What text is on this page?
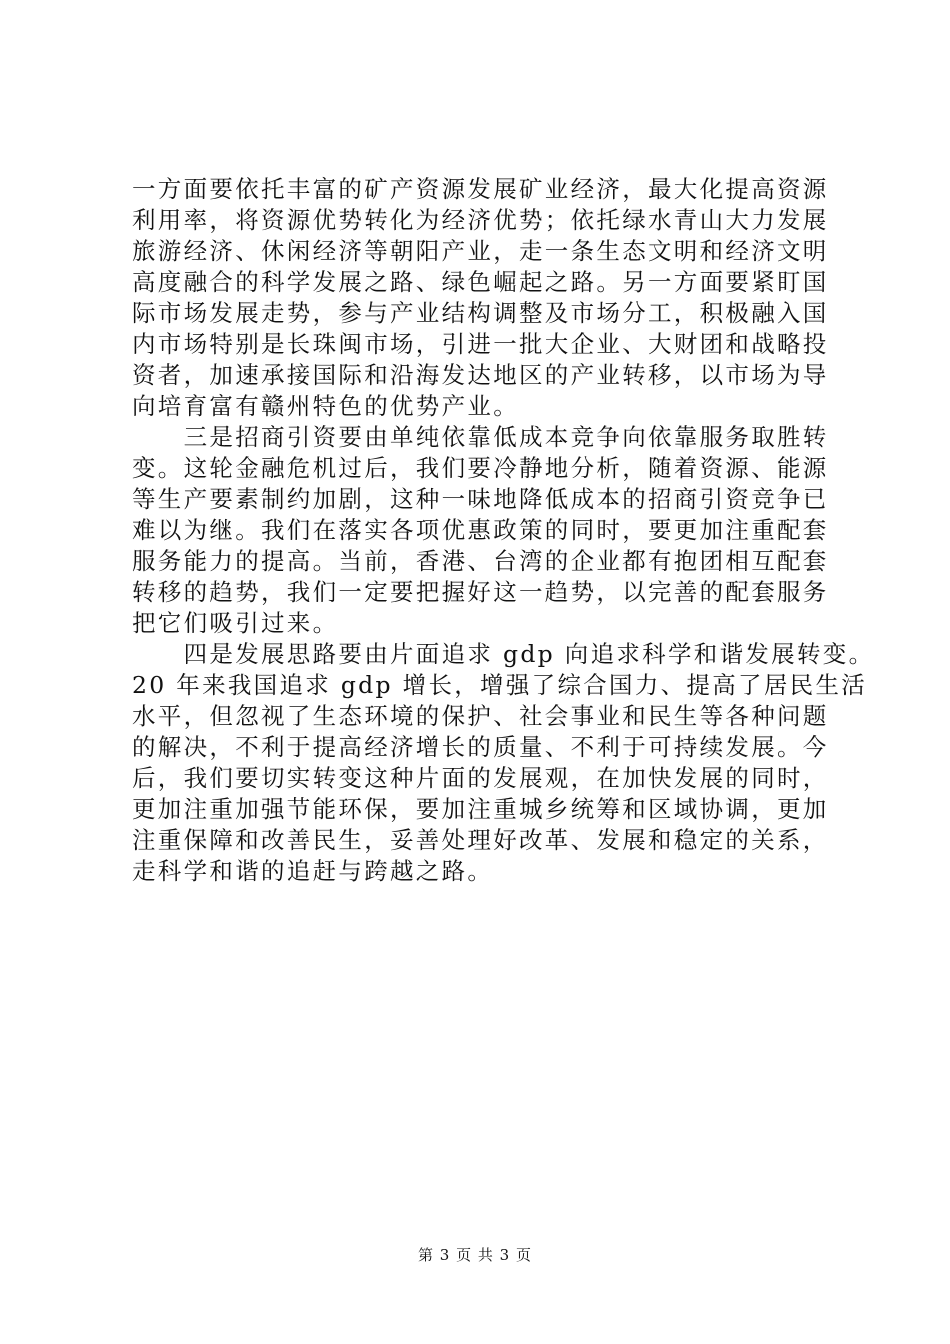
一方面要依托丰富的矿产资源发展矿业经济，最大化提高资源
利用率，将资源优势转化为经济优势；依托绿水青山大力发展
旅游经济、休闲经济等朝阳产业，走一条生态文明和经济文明
高度融合的科学发展之路、绿色崛起之路。另一方面要紧盯国
际市场发展走势，参与产业结构调整及市场分工，积极融入国
内市场特别是长珠闽市场，引进一批大企业、大财团和战略投
资者，加速承接国际和沿海发达地区的产业转移，以市场为导
向培育富有赣州特色的优势产业。
　　三是招商引资要由单纯依靠低成本竞争向依靠服务取胜转
变。这轮金融危机过后，我们要冷静地分析，随着资源、能源
等生产要素制约加剧，这种一味地降低成本的招商引资竞争已
难以为继。我们在落实各项优惠政策的同时，要更加注重配套
服务能力的提高。当前，香港、台湾的企业都有抱团相互配套
转移的趋势，我们一定要把握好这一趋势，以完善的配套服务
把它们吸引过来。
　　四是发展思路要由片面追求 gdp 向追求科学和谐发展转变。
20 年来我国追求 gdp 增长，增强了综合国力、提高了居民生活
水平，但忽视了生态环境的保护、社会事业和民生等各种问题
的解决，不利于提高经济增长的质量、不利于可持续发展。今
后，我们要切实转变这种片面的发展观，在加快发展的同时，
更加注重加强节能环保，要加注重城乡统筹和区域协调，更加
注重保障和改善民生，妥善处理好改革、发展和稳定的关系，
走科学和谐的追赶与跨越之路。
第 3 页 共 3 页
